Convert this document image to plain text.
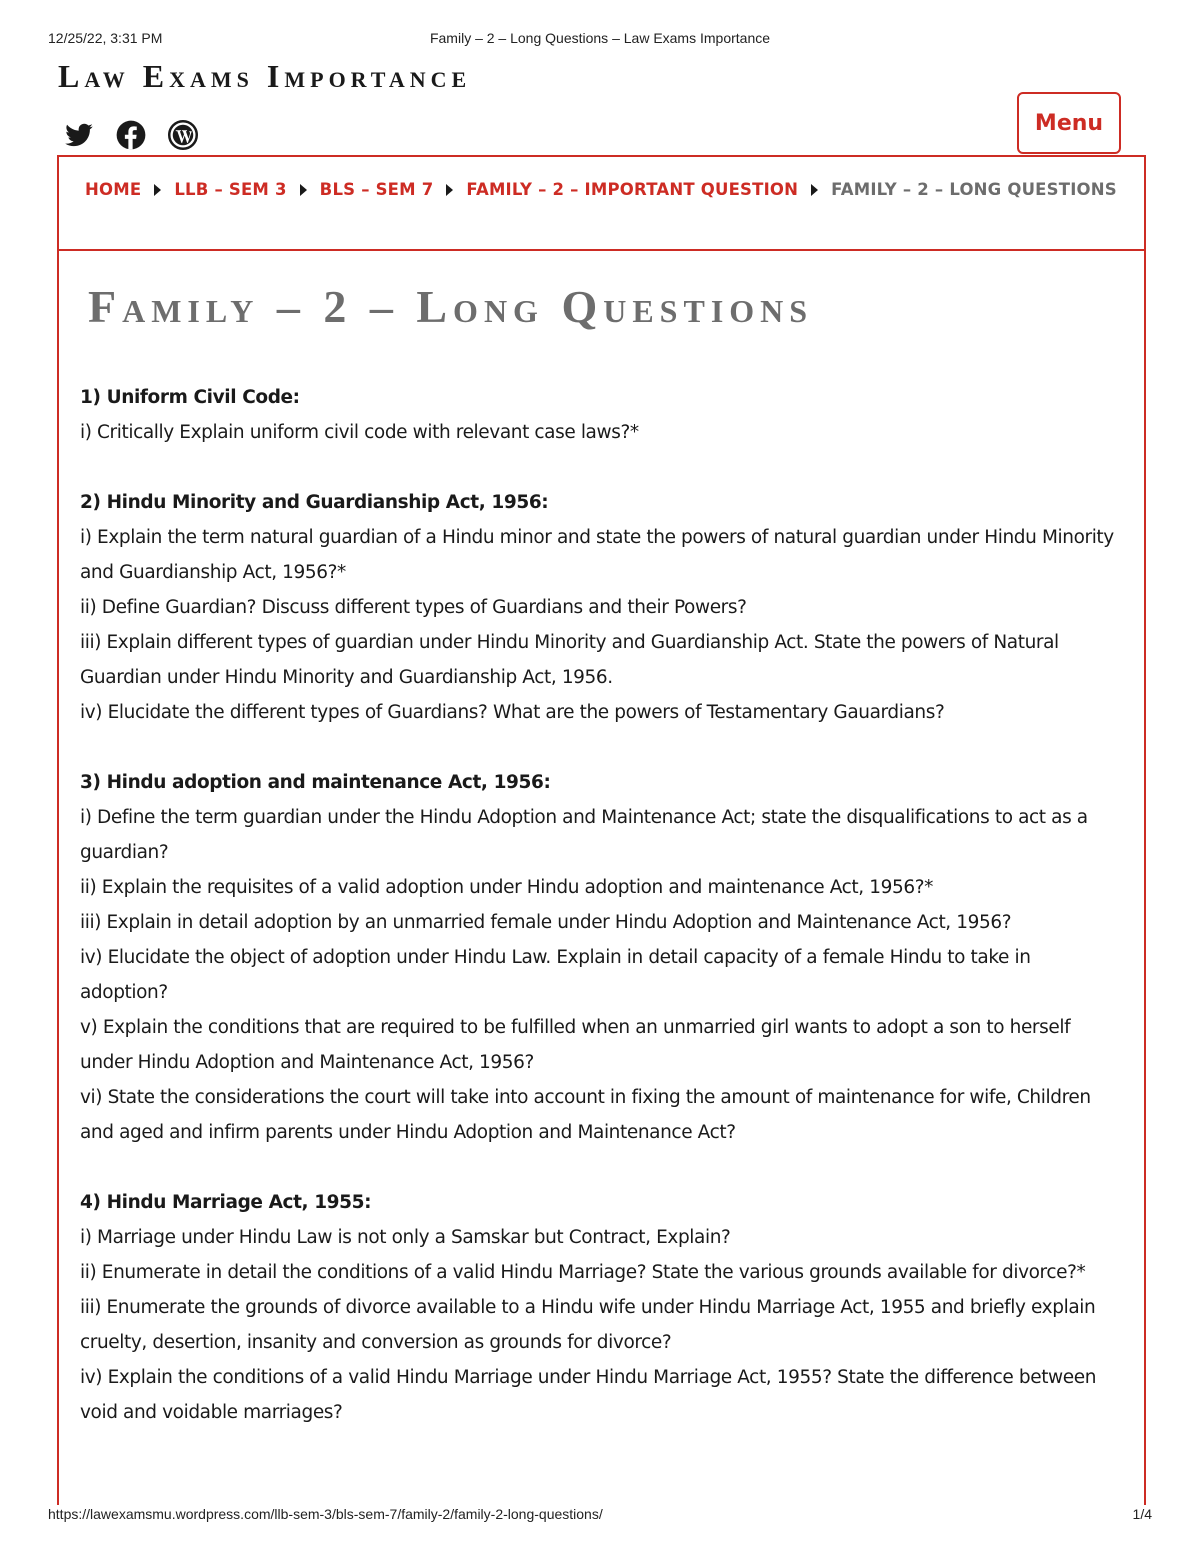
12/25/22, 3:31 PM	Family – 2 – Long Questions – Law Exams Importance
Law Exams Importance
Menu
HOME LLB – SEM 3 BLS – SEM 7 FAMILY – 2 – IMPORTANT QUESTION FAMILY – 2 – LONG QUESTIONS
Family – 2 – Long Questions
1) Uniform Civil Code:
i) Critically Explain uniform civil code with relevant case laws?*
2) Hindu Minority and Guardianship Act, 1956:
i) Explain the term natural guardian of a Hindu minor and state the powers of natural guardian under Hindu Minority and Guardianship Act, 1956?*
ii) Define Guardian? Discuss different types of Guardians and their Powers?
iii) Explain different types of guardian under Hindu Minority and Guardianship Act. State the powers of Natural Guardian under Hindu Minority and Guardianship Act, 1956.
iv) Elucidate the different types of Guardians? What are the powers of Testamentary Gauardians?
3) Hindu adoption and maintenance Act, 1956:
i) Define the term guardian under the Hindu Adoption and Maintenance Act; state the disqualifications to act as a guardian?
ii) Explain the requisites of a valid adoption under Hindu adoption and maintenance Act, 1956?*
iii) Explain in detail adoption by an unmarried female under Hindu Adoption and Maintenance Act, 1956?
iv) Elucidate the object of adoption under Hindu Law. Explain in detail capacity of a female Hindu to take in adoption?
v) Explain the conditions that are required to be fulfilled when an unmarried girl wants to adopt a son to herself under Hindu Adoption and Maintenance Act, 1956?
vi) State the considerations the court will take into account in fixing the amount of maintenance for wife, Children and aged and infirm parents under Hindu Adoption and Maintenance Act?
4) Hindu Marriage Act, 1955:
i) Marriage under Hindu Law is not only a Samskar but Contract, Explain?
ii) Enumerate in detail the conditions of a valid Hindu Marriage? State the various grounds available for divorce?*
iii) Enumerate the grounds of divorce available to a Hindu wife under Hindu Marriage Act, 1955 and briefly explain cruelty, desertion, insanity and conversion as grounds for divorce?
iv) Explain the conditions of a valid Hindu Marriage under Hindu Marriage Act, 1955? State the difference between void and voidable marriages?
https://lawexamsmu.wordpress.com/llb-sem-3/bls-sem-7/family-2/family-2-long-questions/	1/4
